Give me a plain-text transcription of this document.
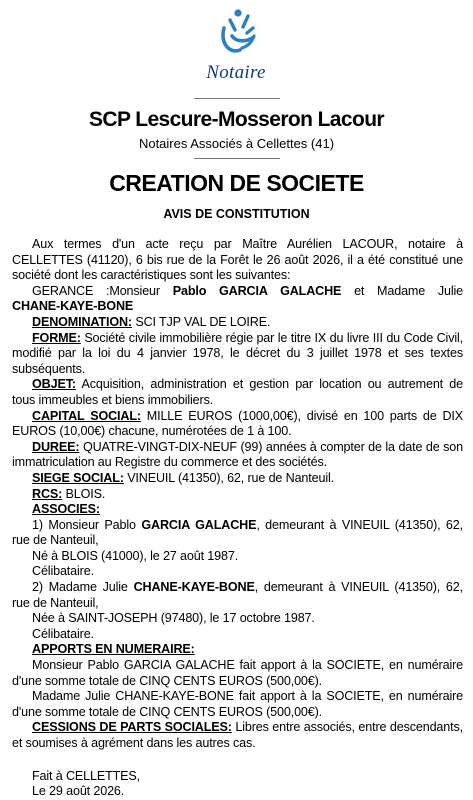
Notaire
SCP Lescure-Mosseron Lacour
Notaires Associés à Cellettes (41)
CREATION DE SOCIETE
AVIS DE CONSTITUTION

Aux termes d'un acte reçu par Maître Aurélien LACOUR, notaire à CELLETTES (41120), 6 bis rue de la Forêt le 26 août 2026, il a été constitué une société dont les caractéristiques sont les suivantes:

GERANCE :Monsieur Pablo GARCIA GALACHE et Madame Julie

CHANE-KAYE-BONE

DENOMINATION: SCI TJP VAL DE LOIRE.

FORME: Société civile immobilière régie par le titre IX du livre III du Code Civil, modifié par la loi du 4 janvier 1978, le décret du 3 juillet 1978 et ses textes subséquents.

OBJET: Acquisition, administration et gestion par location ou autrement de tous immeubles et biens immobiliers.

CAPITAL SOCIAL: MILLE EUROS (1000,00€), divisé en 100 parts de DIX EUROS (10,00€) chacune, numérotées de 1 à 100.

DUREE: QUATRE-VINGT-DIX-NEUF (99) années à compter de la date de son immatriculation au Registre du commerce et des sociétés.

SIEGE SOCIAL: VINEUIL (41350), 62, rue de Nanteuil.

RCS: BLOIS.

ASSOCIES:

1) Monsieur Pablo GARCIA GALACHE, demeurant à VINEUIL (41350), 62, rue de Nanteuil,

Né à BLOIS (41000), le 27 août 1987.

Célibataire.

2) Madame Julie CHANE-KAYE-BONE, demeurant à VINEUIL (41350), 62, rue de Nanteuil,

Née à SAINT-JOSEPH (97480), le 17 octobre 1987.

Célibataire.

APPORTS EN NUMERAIRE:

Monsieur Pablo GARCIA GALACHE fait apport à la SOCIETE, en numéraire d'une somme totale de CINQ CENTS EUROS (500,00€).

Madame Julie CHANE-KAYE-BONE fait apport à la SOCIETE, en numéraire d'une somme totale de CINQ CENTS EUROS (500,00€).

CESSIONS DE PARTS SOCIALES: Libres entre associés, entre descendants, et soumises à agrément dans les autres cas.

Fait à CELLETTES,

Le 29 août 2026.
